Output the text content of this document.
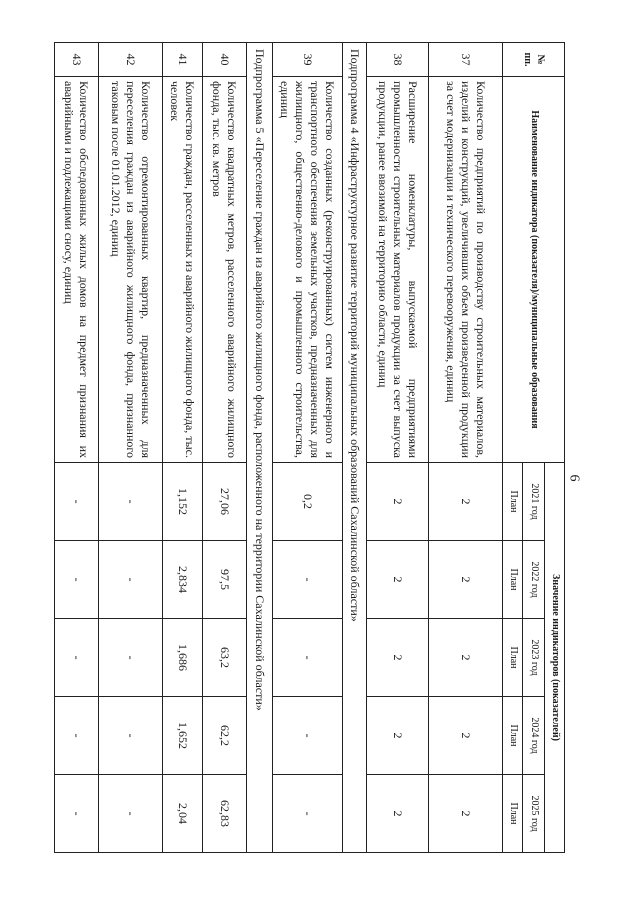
6
№ пп.	Наименование индикатора (показателя)/муниципальные образования	Значение индикаторов (показателей)				
		2021 год	2022 год	2023 год	2024 год	2025 год
		План	План	План	План	План
37	Количество предприятий по производству строительных материалов, изделий и конструкций, увеличивших объем произведенной продукции за счет модернизации и технического перевооружения, единиц	2	2	2	2	2
38	Расширение номенклатуры, выпускаемой предприятиями промышленности строительных материалов продукции за счет выпуска продукции, ранее ввозимой на территорию области, единиц	2	2	2	2	2
Подпрограмма 4 «Инфраструктурное развитие территорий муниципальных образований Сахалинской области»						
39	Количество созданных (реконструированных) систем инженерного и транспортного обеспечения земельных участков, предназначенных для жилищного, общественно-делового и промышленного строительства, единиц	0,2	-	-	-	-
Подпрограмма 5 «Переселение граждан из аварийного жилищного фонда, расположенного на территории Сахалинской области»						
40	Количество квадратных метров, расселенного аварийного жилищного фонда, тыс. кв. метров	27,06	97,5	63,2	62,2	62,83
41	Количество граждан, расселенных из аварийного жилищного фонда, тыс. человек	1,152	2,834	1,686	1,652	2,04
42	Количество отремонтированных квартир, предназначенных для переселения граждан из аварийного жилищного фонда, признанного таковым после 01.01.2012, единиц	-	-	-	-	-
43	Количество обследованных жилых домов на предмет признания их аварийными и подлежащими сносу, единиц	-	-	-	-	-
